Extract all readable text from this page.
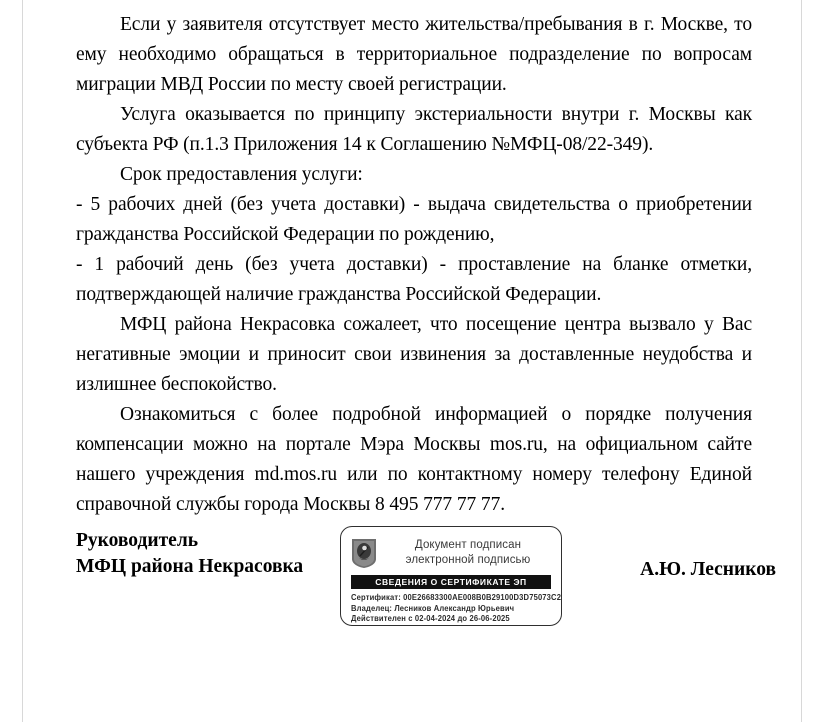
Если у заявителя отсутствует место жительства/пребывания в г. Москве, то ему необходимо обращаться в территориальное подразделение по вопросам миграции МВД России по месту своей регистрации.

Услуга оказывается по принципу экстериальности внутри г. Москвы как субъекта РФ (п.1.3 Приложения 14 к Соглашению №МФЦ-08/22-349).

Срок предоставления услуги:

- 5 рабочих дней (без учета доставки) - выдача свидетельства о приобретении гражданства Российской Федерации по рождению,

- 1 рабочий день (без учета доставки) - проставление на бланке отметки, подтверждающей наличие гражданства Российской Федерации.

МФЦ района Некрасовка сожалеет, что посещение центра вызвало у Вас негативные эмоции и приносит свои извинения за доставленные неудобства и излишнее беспокойство.

Ознакомиться с более подробной информацией о порядке получения компенсации можно на портале Мэра Москвы mos.ru, на официальном сайте нашего учреждения md.mos.ru или по контактному номеру телефону Единой справочной службы города Москвы 8 495 777 77 77.

Руководитель
МФЦ района Некрасовка
Документ подписан
электронной подписью
СВЕДЕНИЯ О СЕРТИФИКАТЕ ЭП
Сертификат: 00Е26683300AE008B0B29100D3D75073C2
Владелец: Лесников Александр Юрьевич
Действителен с 02-04-2024 до 26-06-2025
А.Ю. Лесников
